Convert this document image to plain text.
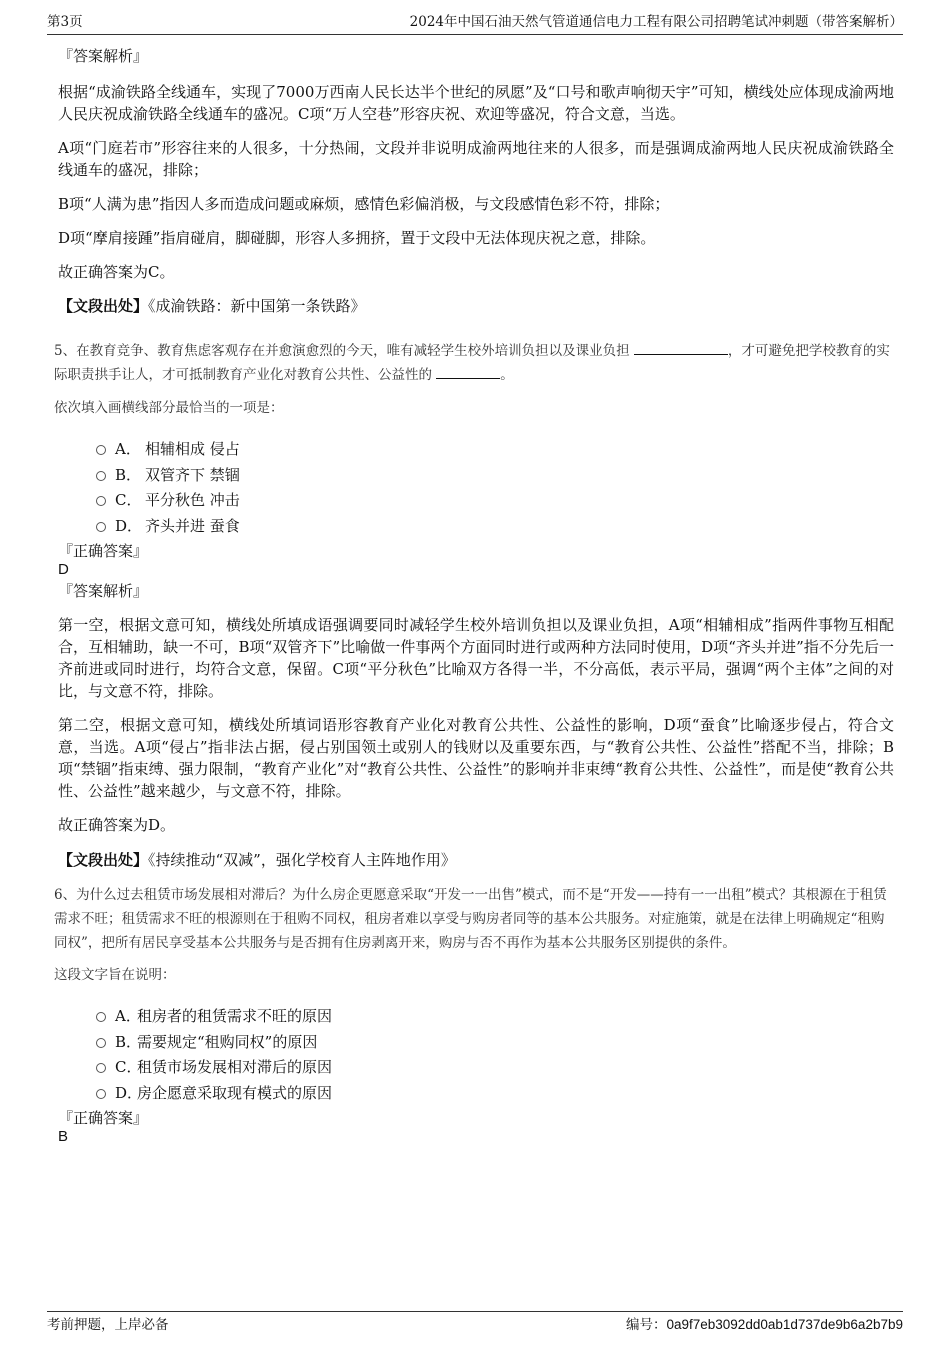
第3页	2024年中国石油天然气管道通信电力工程有限公司招聘笔试冲刺题（带答案解析）

『答案解析』

根据“成渝铁路全线通车，实现了7000万西南人民长达半个世纪的夙愿”及“口号和歌声响彻天宇”可知，横线处应体现成渝两地人民庆祝成渝铁路全线通车的盛况。C项“万人空巷”形容庆祝、欢迎等盛况，符合文意，当选。

A项“门庭若市”形容往来的人很多，十分热闹，文段并非说明成渝两地往来的人很多，而是强调成渝两地人民庆祝成渝铁路全线通车的盛况，排除；

B项“人满为患”指因人多而造成问题或麻烦，感情色彩偏消极，与文段感情色彩不符，排除；

D项“摩肩接踵”指肩碰肩，脚碰脚，形容人多拥挤，置于文段中无法体现庆祝之意，排除。

故正确答案为C。

【文段出处】《成渝铁路：新中国第一条铁路》

5、在教育竞争、教育焦虑客观存在并愈演愈烈的今天，唯有减轻学生校外培训负担以及课业负担	，才可避免把学校教育的实际职责拱手让人，才可抵制教育产业化对教育公共性、公益性的	。

依次填入画横线部分最恰当的一项是：

A． 相辅相成 侵占
B． 双管齐下 禁锢
C． 平分秋色 冲击
D． 齐头并进 蚕食

『正确答案』

D

『答案解析』

第一空，根据文意可知，横线处所填成语强调要同时减轻学生校外培训负担以及课业负担，A项“相辅相成”指两件事物互相配合，互相辅助，缺一不可，B项“双管齐下”比喻做一件事两个方面同时进行或两种方法同时使用，D项“齐头并进”指不分先后一齐前进或同时进行，均符合文意，保留。C项“平分秋色”比喻双方各得一半，不分高低，表示平局，强调“两个主体”之间的对比，与文意不符，排除。

第二空，根据文意可知，横线处所填词语形容教育产业化对教育公共性、公益性的影响，D项“蚕食”比喻逐步侵占，符合文意，当选。A项“侵占”指非法占据，侵占别国领土或别人的钱财以及重要东西，与“教育公共性、公益性”搭配不当，排除；B项“禁锢”指束缚、强力限制，“教育产业化”对“教育公共性、公益性”的影响并非束缚“教育公共性、公益性”，而是使“教育公共性、公益性”越来越少，与文意不符，排除。

故正确答案为D。

【文段出处】《持续推动“双减”，强化学校育人主阵地作用》

6、为什么过去租赁市场发展相对滞后？为什么房企更愿意采取“开发一一出售”模式，而不是“开发——持有一一出租”模式？其根源在于租赁需求不旺；租赁需求不旺的根源则在于租购不同权，租房者难以享受与购房者同等的基本公共服务。对症施策，就是在法律上明确规定“租购同权”，把所有居民享受基本公共服务与是否拥有住房剥离开来，购房与否不再作为基本公共服务区别提供的条件。

这段文字旨在说明：

A．租房者的租赁需求不旺的原因
B．需要规定“租购同权”的原因
C．租赁市场发展相对滞后的原因
D．房企愿意采取现有模式的原因

『正确答案』

B

考前押题，上岸必备	编号：0a9f7eb3092dd0ab1d737de9b6a2b7b9
